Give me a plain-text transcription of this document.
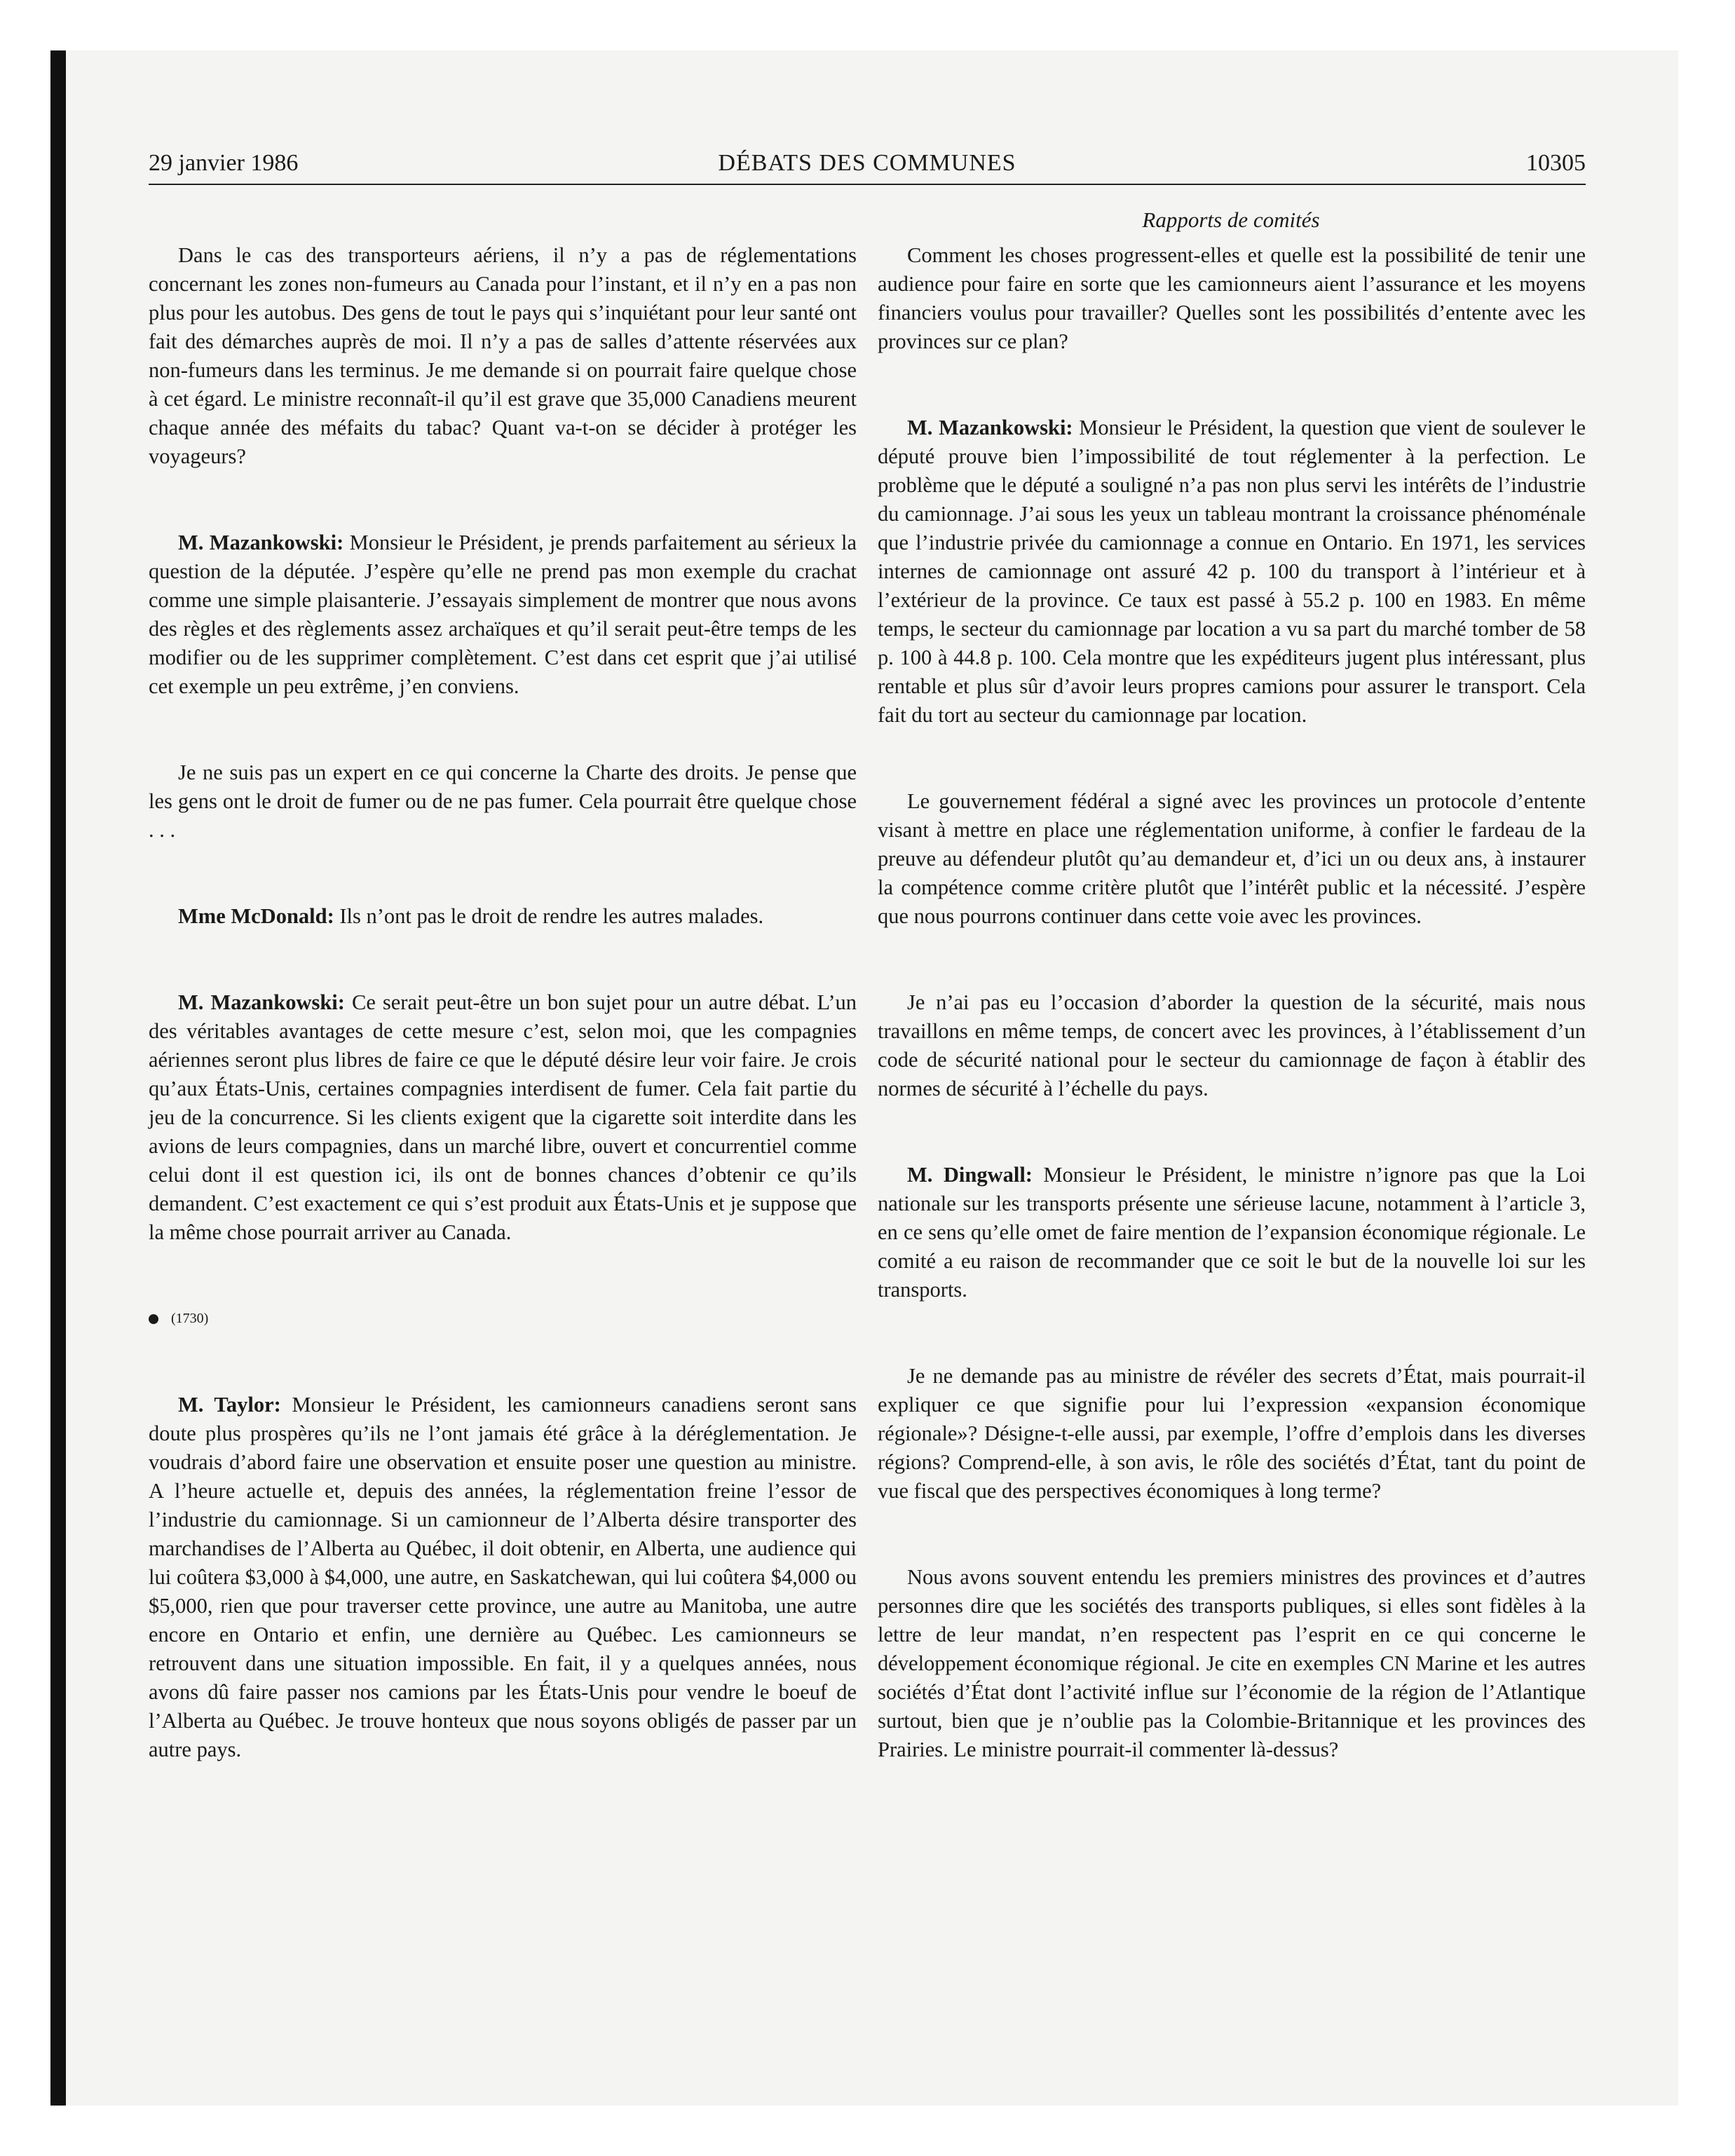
29 janvier 1986	DÉBATS DES COMMUNES	10305
Rapports de comités

Dans le cas des transporteurs aériens, il n’y a pas de réglementations concernant les zones non-fumeurs au Canada pour l’instant, et il n’y en a pas non plus pour les autobus. Des gens de tout le pays qui s’inquiétant pour leur santé ont fait des démarches auprès de moi. Il n’y a pas de salles d’attente réservées aux non-fumeurs dans les terminus. Je me demande si on pourrait faire quelque chose à cet égard. Le ministre reconnaît-il qu’il est grave que 35,000 Canadiens meurent chaque année des méfaits du tabac? Quant va-t-on se décider à protéger les voyageurs?

M. Mazankowski: Monsieur le Président, je prends parfaitement au sérieux la question de la députée. J’espère qu’elle ne prend pas mon exemple du crachat comme une simple plaisanterie. J’essayais simplement de montrer que nous avons des règles et des règlements assez archaïques et qu’il serait peut-être temps de les modifier ou de les supprimer complètement. C’est dans cet esprit que j’ai utilisé cet exemple un peu extrême, j’en conviens.

Je ne suis pas un expert en ce qui concerne la Charte des droits. Je pense que les gens ont le droit de fumer ou de ne pas fumer. Cela pourrait être quelque chose . . .

Mme McDonald: Ils n’ont pas le droit de rendre les autres malades.

M. Mazankowski: Ce serait peut-être un bon sujet pour un autre débat. L’un des véritables avantages de cette mesure c’est, selon moi, que les compagnies aériennes seront plus libres de faire ce que le député désire leur voir faire. Je crois qu’aux États-Unis, certaines compagnies interdisent de fumer. Cela fait partie du jeu de la concurrence. Si les clients exigent que la cigarette soit interdite dans les avions de leurs compagnies, dans un marché libre, ouvert et concurrentiel comme celui dont il est question ici, ils ont de bonnes chances d’obtenir ce qu’ils demandent. C’est exactement ce qui s’est produit aux États-Unis et je suppose que la même chose pourrait arriver au Canada.

(1730)

M. Taylor: Monsieur le Président, les camionneurs canadiens seront sans doute plus prospères qu’ils ne l’ont jamais été grâce à la déréglementation. Je voudrais d’abord faire une observation et ensuite poser une question au ministre. A l’heure actuelle et, depuis des années, la réglementation freine l’essor de l’industrie du camionnage. Si un camionneur de l’Alberta désire transporter des marchandises de l’Alberta au Québec, il doit obtenir, en Alberta, une audience qui lui coûtera $3,000 à $4,000, une autre, en Saskatchewan, qui lui coûtera $4,000 ou $5,000, rien que pour traverser cette province, une autre au Manitoba, une autre encore en Ontario et enfin, une dernière au Québec. Les camionneurs se retrouvent dans une situation impossible. En fait, il y a quelques années, nous avons dû faire passer nos camions par les États-Unis pour vendre le boeuf de l’Alberta au Québec. Je trouve honteux que nous soyons obligés de passer par un autre pays.

Comment les choses progressent-elles et quelle est la possibilité de tenir une audience pour faire en sorte que les camionneurs aient l’assurance et les moyens financiers voulus pour travailler? Quelles sont les possibilités d’entente avec les provinces sur ce plan?

M. Mazankowski: Monsieur le Président, la question que vient de soulever le député prouve bien l’impossibilité de tout réglementer à la perfection. Le problème que le député a souligné n’a pas non plus servi les intérêts de l’industrie du camionnage. J’ai sous les yeux un tableau montrant la croissance phénoménale que l’industrie privée du camionnage a connue en Ontario. En 1971, les services internes de camionnage ont assuré 42 p. 100 du transport à l’intérieur et à l’extérieur de la province. Ce taux est passé à 55.2 p. 100 en 1983. En même temps, le secteur du camionnage par location a vu sa part du marché tomber de 58 p. 100 à 44.8 p. 100. Cela montre que les expéditeurs jugent plus intéressant, plus rentable et plus sûr d’avoir leurs propres camions pour assurer le transport. Cela fait du tort au secteur du camionnage par location.

Le gouvernement fédéral a signé avec les provinces un protocole d’entente visant à mettre en place une réglementation uniforme, à confier le fardeau de la preuve au défendeur plutôt qu’au demandeur et, d’ici un ou deux ans, à instaurer la compétence comme critère plutôt que l’intérêt public et la nécessité. J’espère que nous pourrons continuer dans cette voie avec les provinces.

Je n’ai pas eu l’occasion d’aborder la question de la sécurité, mais nous travaillons en même temps, de concert avec les provinces, à l’établissement d’un code de sécurité national pour le secteur du camionnage de façon à établir des normes de sécurité à l’échelle du pays.

M. Dingwall: Monsieur le Président, le ministre n’ignore pas que la Loi nationale sur les transports présente une sérieuse lacune, notamment à l’article 3, en ce sens qu’elle omet de faire mention de l’expansion économique régionale. Le comité a eu raison de recommander que ce soit le but de la nouvelle loi sur les transports.

Je ne demande pas au ministre de révéler des secrets d’État, mais pourrait-il expliquer ce que signifie pour lui l’expression «expansion économique régionale»? Désigne-t-elle aussi, par exemple, l’offre d’emplois dans les diverses régions? Comprend-elle, à son avis, le rôle des sociétés d’État, tant du point de vue fiscal que des perspectives économiques à long terme?

Nous avons souvent entendu les premiers ministres des provinces et d’autres personnes dire que les sociétés des transports publiques, si elles sont fidèles à la lettre de leur mandat, n’en respectent pas l’esprit en ce qui concerne le développement économique régional. Je cite en exemples CN Marine et les autres sociétés d’État dont l’activité influe sur l’économie de la région de l’Atlantique surtout, bien que je n’oublie pas la Colombie-Britannique et les provinces des Prairies. Le ministre pourrait-il commenter là-dessus?
